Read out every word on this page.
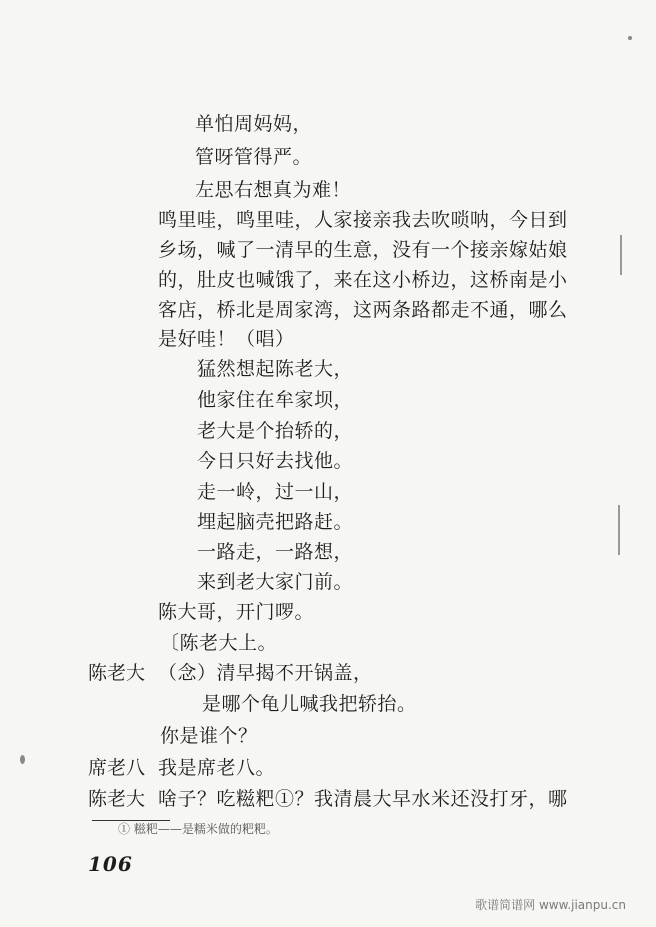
单怕周妈妈，
管呀管得严。
左思右想真为难！
鸣里哇，鸣里哇，人家接亲我去吹唢呐，今日到
乡场，喊了一清早的生意，没有一个接亲嫁姑娘
的，肚皮也喊饿了，来在这小桥边，这桥南是小
客店，桥北是周家湾，这两条路都走不通，哪么
是好哇！（唱）
猛然想起陈老大，
他家住在牟家坝，
老大是个抬轿的，
今日只好去找他。
走一岭，过一山，
埋起脑壳把路赶。
一路走，一路想，
来到老大家门前。
陈大哥，开门啰。
〔陈老大上。
陈老大 （念）清早揭不开锅盖，
是哪个龟儿喊我把轿抬。
你是谁个？
席老八 我是席老八。
陈老大 啥子？吃糍粑①？我清晨大早水米还没打牙，哪
① 糍粑——是糯米做的粑粑。
106
歌谱简谱网 www.jianpu.cn
